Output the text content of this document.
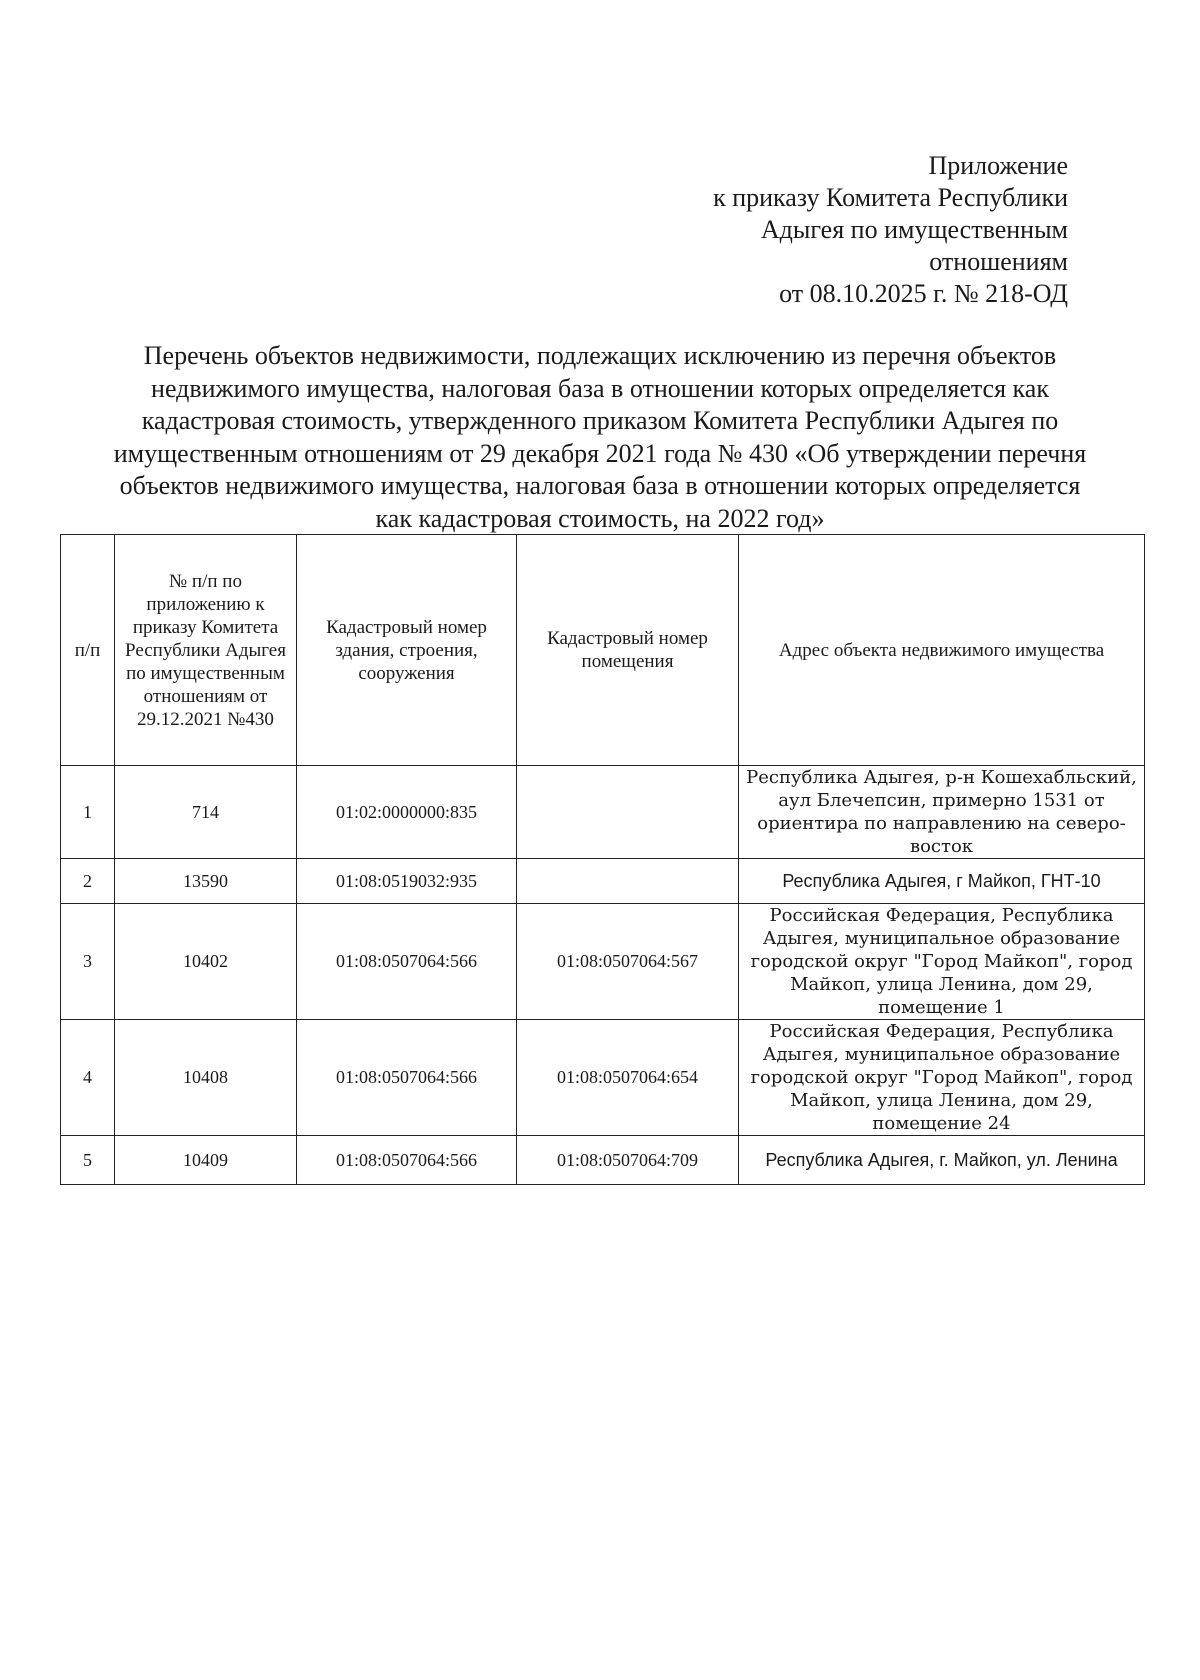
Приложение
к приказу Комитета Республики
Адыгея по имущественным
отношениям
от 08.10.2025 г. № 218-ОД
Перечень объектов недвижимости, подлежащих исключению из перечня объектов
недвижимого имущества, налоговая база в отношении которых определяется как
кадастровая стоимость, утвержденного приказом Комитета Республики Адыгея по
имущественным отношениям от 29 декабря 2021 года № 430 «Об утверждении перечня
объектов недвижимого имущества, налоговая база в отношении которых определяется
как кадастровая стоимость, на 2022 год»
п/п	№ п/п по приложению к приказу Комитета Республики Адыгея по имущественным отношениям от 29.12.2021 №430	Кадастровый номер здания, строения, сооружения	Кадастровый номер помещения	Адрес объекта недвижимого имущества
1	714	01:02:0000000:835		Республика Адыгея, р-н Кошехабльский, аул Блечепсин, примерно 1531 от ориентира по направлению на северо- восток
2	13590	01:08:0519032:935		Республика Адыгея, г Майкоп, ГНТ-10
3	10402	01:08:0507064:566	01:08:0507064:567	Российская Федерация, Республика Адыгея, муниципальное образование городской округ "Город Майкоп", город Майкоп, улица Ленина, дом 29, помещение 1
4	10408	01:08:0507064:566	01:08:0507064:654	Российская Федерация, Республика Адыгея, муниципальное образование городской округ "Город Майкоп", город Майкоп, улица Ленина, дом 29, помещение 24
5	10409	01:08:0507064:566	01:08:0507064:709	Республика Адыгея, г. Майкоп, ул. Ленина
